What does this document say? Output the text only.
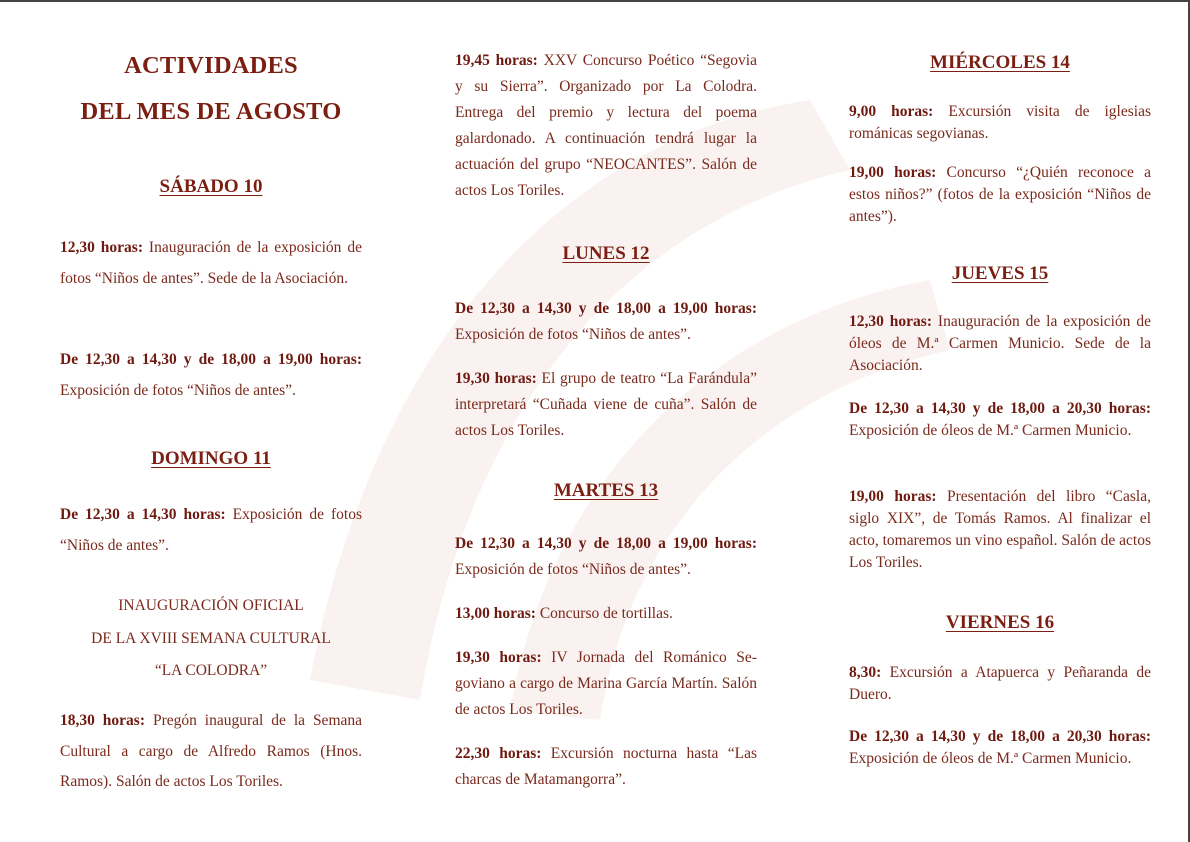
ACTIVIDADES
DEL MES DE AGOSTO
SÁBADO 10
12,30 horas: Inauguración de la exposición de fotos “Niños de antes”. Sede de la Asociación.
De 12,30 a 14,30 y de 18,00 a 19,00 horas: Exposición de fotos “Niños de antes”.
DOMINGO 11
De 12,30 a 14,30 horas: Exposición de fotos “Niños de antes”.
INAUGURACIÓN OFICIAL
DE LA XVIII SEMANA CULTURAL
“LA COLODRA”
18,30 horas: Pregón inaugural de la Semana Cultural a cargo de Alfredo Ramos (Hnos. Ramos). Salón de actos Los Toriles.
19,45 horas: XXV Concurso Poético “Segovia y su Sierra”. Organizado por La Colodra. Entrega del premio y lectura del poema galardonado. A continuación tendrá lugar la actuación del grupo “NEOCANTES”. Salón de actos Los Toriles.
LUNES 12
De 12,30 a 14,30 y de 18,00 a 19,00 horas: Exposición de fotos “Niños de antes”.
19,30 horas: El grupo de teatro “La Farándula” interpretará “Cuñada viene de cuña”. Salón de actos Los Toriles.
MARTES 13
De 12,30 a 14,30 y de 18,00 a 19,00 horas: Exposición de fotos “Niños de antes”.
13,00 horas: Concurso de tortillas.
19,30 horas: IV Jornada del Románico Segoviano a cargo de Marina García Martín. Salón de actos Los Toriles.
22,30 horas: Excursión nocturna hasta “Las charcas de Matamangorra”.
MIÉRCOLES 14
9,00 horas: Excursión visita de iglesias románicas segovianas.
19,00 horas: Concurso “¿Quién reconoce a estos niños?” (fotos de la exposición “Niños de antes”).
JUEVES 15
12,30 horas: Inauguración de la exposición de óleos de M.ª Carmen Municio. Sede de la Asociación.
De 12,30 a 14,30 y de 18,00 a 20,30 horas: Exposición de óleos de M.ª Carmen Municio.
19,00 horas: Presentación del libro “Casla, siglo XIX”, de Tomás Ramos. Al finalizar el acto, tomaremos un vino español. Salón de actos Los Toriles.
VIERNES 16
8,30: Excursión a Atapuerca y Peñaranda de Duero.
De 12,30 a 14,30 y de 18,00 a 20,30 horas: Exposición de óleos de M.ª Carmen Municio.
